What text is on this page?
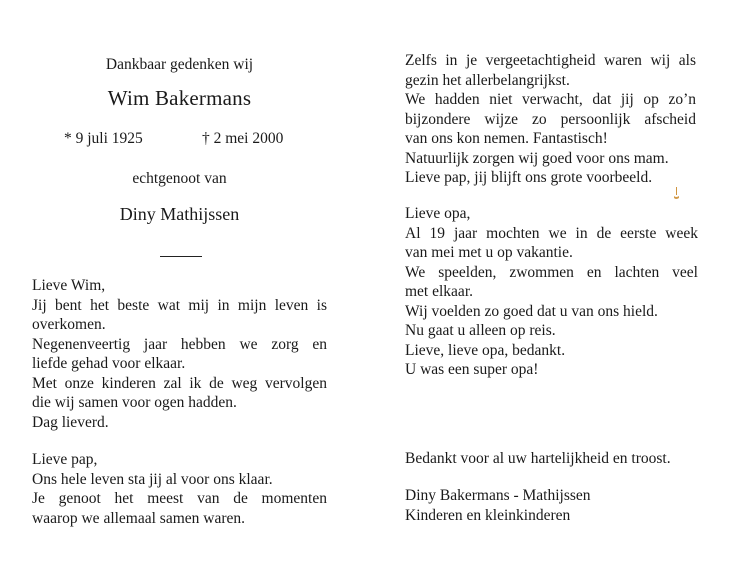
Dankbaar gedenken wij
Wim Bakermans
* 9 juli 1925	† 2 mei 2000
echtgenoot van
Diny Mathijssen
Lieve Wim,
Jij bent het beste wat mij in mijn leven is
overkomen.
Negenenveertig jaar hebben we zorg en
liefde gehad voor elkaar.
Met onze kinderen zal ik de weg vervolgen
die wij samen voor ogen hadden.
Dag lieverd.
Lieve pap,
Ons hele leven sta jij al voor ons klaar.
Je genoot het meest van de momenten
waarop we allemaal samen waren.
Zelfs in je vergeetachtigheid waren wij als
gezin het allerbelangrijkst.
We hadden niet verwacht, dat jij op zo’n
bijzondere wijze zo persoonlijk afscheid
van ons kon nemen. Fantastisch!
Natuurlijk zorgen wij goed voor ons mam.
Lieve pap, jij blijft ons grote voorbeeld.
Lieve opa,
Al 19 jaar mochten we in de eerste week
van mei met u op vakantie.
We speelden, zwommen en lachten veel
met elkaar.
Wij voelden zo goed dat u van ons hield.
Nu gaat u alleen op reis.
Lieve, lieve opa, bedankt.
U was een super opa!
Bedankt voor al uw hartelijkheid en troost.
Diny Bakermans - Mathijssen
Kinderen en kleinkinderen
